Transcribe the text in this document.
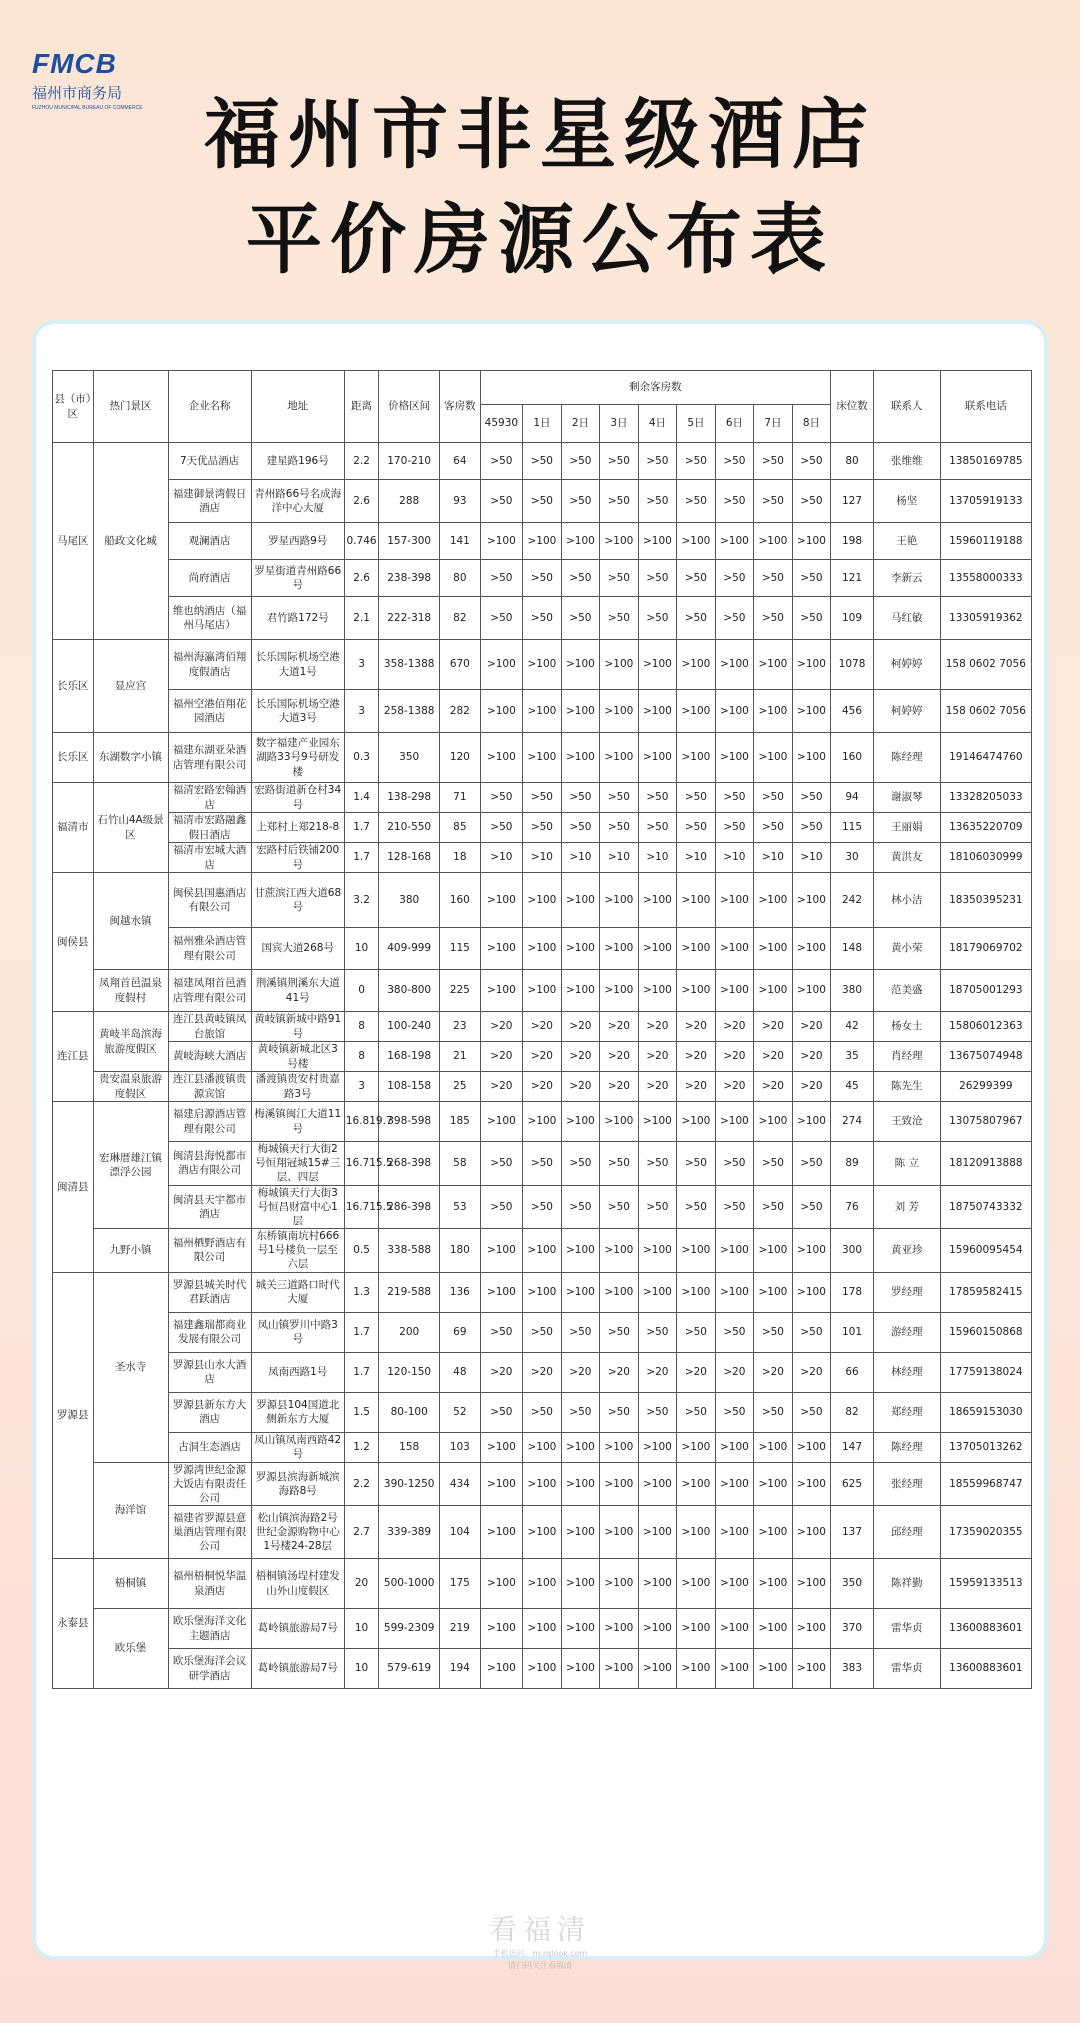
FMCB
福州市商务局
FUZHOU MUNICIPAL BUREAU OF COMMERCE 福州市非星级酒店
平价房源公布表
县（市）区	热门景区	企业名称	地址	距离	价格区间	客房数	剩余客房数									床位数	联系人	联系电话
							45930	1日	2日	3日	4日	5日	6日	7日	8日			
马尾区	船政文化城	7天优品酒店	建星路196号	2.2	170-210	64	>50	>50	>50	>50	>50	>50	>50	>50	>50	80	张维维	13850169785
		福建御景湾假日酒店	青州路66号名成海洋中心大厦	2.6	288	93	>50	>50	>50	>50	>50	>50	>50	>50	>50	127	杨坚	13705919133
		观澜酒店	罗星西路9号	0.746	157-300	141	>100	>100	>100	>100	>100	>100	>100	>100	>100	198	王艳	15960119188
		尚府酒店	罗星街道青州路66号	2.6	238-398	80	>50	>50	>50	>50	>50	>50	>50	>50	>50	121	李新云	13558000333
		维也纳酒店（福州马尾店）	君竹路172号	2.1	222-318	82	>50	>50	>50	>50	>50	>50	>50	>50	>50	109	马红敏	13305919362
长乐区	显应宫	福州海瀛湾佰翔度假酒店	长乐国际机场空港大道1号	3	358-1388	670	>100	>100	>100	>100	>100	>100	>100	>100	>100	1078	柯婷婷	158 0602 7056
		福州空港佰翔花园酒店	长乐国际机场空港大道3号	3	258-1388	282	>100	>100	>100	>100	>100	>100	>100	>100	>100	456	柯婷婷	158 0602 7056
长乐区	东湖数字小镇	福建东湖亚朵酒店管理有限公司	数字福建产业园东湖路33号9号研发楼	0.3	350	120	>100	>100	>100	>100	>100	>100	>100	>100	>100	160	陈经理	19146474760
福清市	石竹山4A级景区	福清宏路宏翰酒店	宏路街道新仓村34号	1.4	138-298	71	>50	>50	>50	>50	>50	>50	>50	>50	>50	94	谢淑琴	13328205033
		福清市宏路融鑫假日酒店	上郑村上郑218-8	1.7	210-550	85	>50	>50	>50	>50	>50	>50	>50	>50	>50	115	王丽娟	13635220709
		福清市宏城大酒店	宏路村后铁铺200号	1.7	128-168	18	>10	>10	>10	>10	>10	>10	>10	>10	>10	30	黄洪友	18106030999
闽侯县	闽越水镇	闽侯县国惠酒店有限公司	甘蔗滨江西大道68号	3.2	380	160	>100	>100	>100	>100	>100	>100	>100	>100	>100	242	林小洁	18350395231
		福州雅朵酒店管理有限公司	国宾大道268号	10	409-999	115	>100	>100	>100	>100	>100	>100	>100	>100	>100	148	黄小荣	18179069702
	凤翔首邑温泉度假村	福建凤翔首邑酒店管理有限公司	荆溪镇荆溪东大道41号	0	380-800	225	>100	>100	>100	>100	>100	>100	>100	>100	>100	380	范美盛	18705001293
连江县	黄岐半岛滨海旅游度假区	连江县黄岐镇凤台旅馆	黄岐镇新城中路91号	8	100-240	23	>20	>20	>20	>20	>20	>20	>20	>20	>20	42	杨女士	15806012363
		黄岐海峡大酒店	黄岐镇新城北区3号楼	8	168-198	21	>20	>20	>20	>20	>20	>20	>20	>20	>20	35	肖经理	13675074948
	贵安温泉旅游度假区	连江县潘渡镇贵源宾馆	潘渡镇贵安村贵嘉路3号	3	108-158	25	>20	>20	>20	>20	>20	>20	>20	>20	>20	45	陈先生	26299399
闽清县	宏琳厝雄江镇漂浮公园	福建启源酒店管理有限公司	梅溪镇闽江大道11号	16.819.7	398-598	185	>100	>100	>100	>100	>100	>100	>100	>100	>100	274	王致沧	13075807967
		闽清县海悦都市酒店有限公司	梅城镇天行大街2号恒翔冠城15#三层、四层	16.715.5	268-398	58	>50	>50	>50	>50	>50	>50	>50	>50	>50	89	陈 立	18120913888
		闽清县天宇都市酒店	梅城镇天行大街3号恒昌财富中心1层	16.715.5	286-398	53	>50	>50	>50	>50	>50	>50	>50	>50	>50	76	刘 芳	18750743332
	九野小镇	福州栖野酒店有限公司	东桥镇南坑村666号1号楼负一层至六层	0.5	338-588	180	>100	>100	>100	>100	>100	>100	>100	>100	>100	300	黄亚珍	15960095454
罗源县	圣水寺	罗源县城关时代君跃酒店	城关三道路口时代大厦	1.3	219-588	136	>100	>100	>100	>100	>100	>100	>100	>100	>100	178	罗经理	17859582415
		福建鑫瑞都商业发展有限公司	凤山镇罗川中路3号	1.7	200	69	>50	>50	>50	>50	>50	>50	>50	>50	>50	101	游经理	15960150868
		罗源县山水大酒店	凤南西路1号	1.7	120-150	48	>20	>20	>20	>20	>20	>20	>20	>20	>20	66	林经理	17759138024
		罗源县新东方大酒店	罗源县104国道北侧新东方大厦	1.5	80-100	52	>50	>50	>50	>50	>50	>50	>50	>50	>50	82	郑经理	18659153030
		古洞生态酒店	凤山镇凤南西路42号	1.2	158	103	>100	>100	>100	>100	>100	>100	>100	>100	>100	147	陈经理	13705013262
	海洋馆	罗源湾世纪金源大饭店有限责任公司	罗源县滨海新城滨海路8号	2.2	390-1250	434	>100	>100	>100	>100	>100	>100	>100	>100	>100	625	张经理	18559968747
		福建省罗源县意巢酒店管理有限公司	松山镇滨海路2号世纪金源购物中心1号楼24-28层	2.7	339-389	104	>100	>100	>100	>100	>100	>100	>100	>100	>100	137	邱经理	17359020355
永泰县	梧桐镇	福州梧桐悦华温泉酒店	梧桐镇汤埕村建发山外山度假区	20	500-1000	175	>100	>100	>100	>100	>100	>100	>100	>100	>100	350	陈祥勤	15959133513
	欧乐堡	欧乐堡海洋文化主题酒店	葛岭镇旅游局7号	10	599-2309	219	>100	>100	>100	>100	>100	>100	>100	>100	>100	370	雷华贞	13600883601
		欧乐堡海洋会议研学酒店	葛岭镇旅游局7号	10	579-619	194	>100	>100	>100	>100	>100	>100	>100	>100	>100	383	雷华贞	13600883601
看福清
手机访问：m.rqlook.com
请扫码关注看福清
